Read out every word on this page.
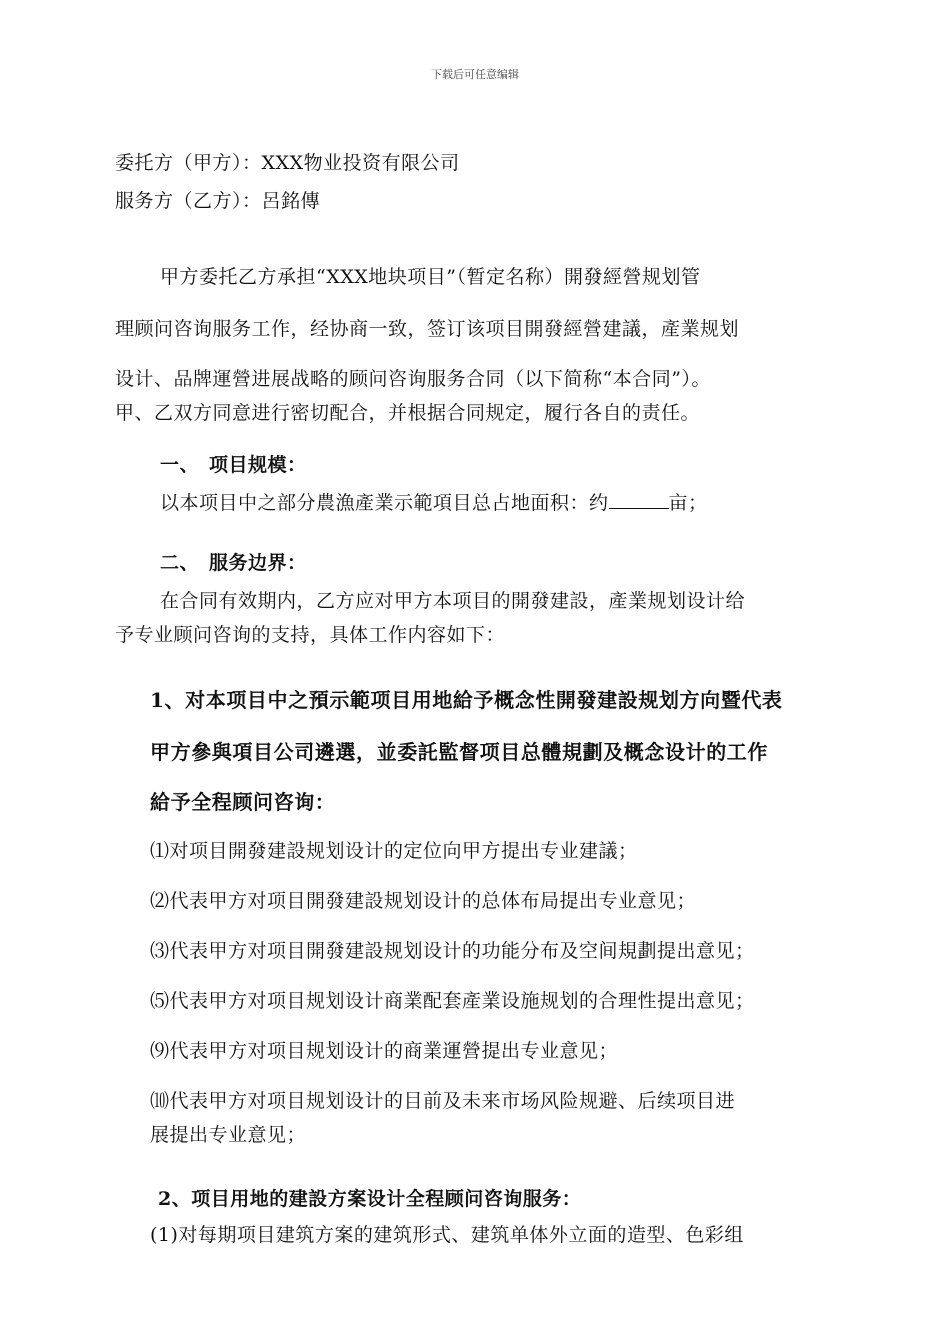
下载后可任意编辑
委托方（甲方）：XXX物业投资有限公司
服务方（乙方）：呂銘傳
甲方委托乙方承担“XXX地块项目”（暂定名称）開發經營规划管
理顾问咨询服务工作，经协商一致，签订该项目開發經營建議，產業规划
设计、品牌運營进展战略的顾问咨询服务合同（以下简称“本合同”）。
甲、乙双方同意进行密切配合，并根据合同规定，履行各自的责任。
一、　项目规模：
以本项目中之部分農漁產業示範項目总占地面积：约	亩；
二、　服务边界：
在合同有效期内，乙方应对甲方本项目的開發建設，產業规划设计给
予专业顾问咨询的支持，具体工作内容如下：
1、对本项目中之預示範项目用地給予概念性開發建設规划方向暨代表
甲方參與項目公司遴選，並委託監督项目总體規劃及概念设计的工作
給予全程顾问咨询：
⑴对项目開發建設规划设计的定位向甲方提出专业建議；
⑵代表甲方对项目開發建設规划设计的总体布局提出专业意见；
⑶代表甲方对项目開發建設规划设计的功能分布及空间規劃提出意见；
⑸代表甲方对项目规划设计商業配套產業设施规划的合理性提出意见；
⑼代表甲方对项目规划设计的商業運營提出专业意见；
⑽代表甲方对项目规划设计的目前及未来市场风险规避、后续项目进
展提出专业意见；
2、项目用地的建設方案设计全程顾问咨询服务：
(1)对每期项目建筑方案的建筑形式、建筑单体外立面的造型、色彩组
